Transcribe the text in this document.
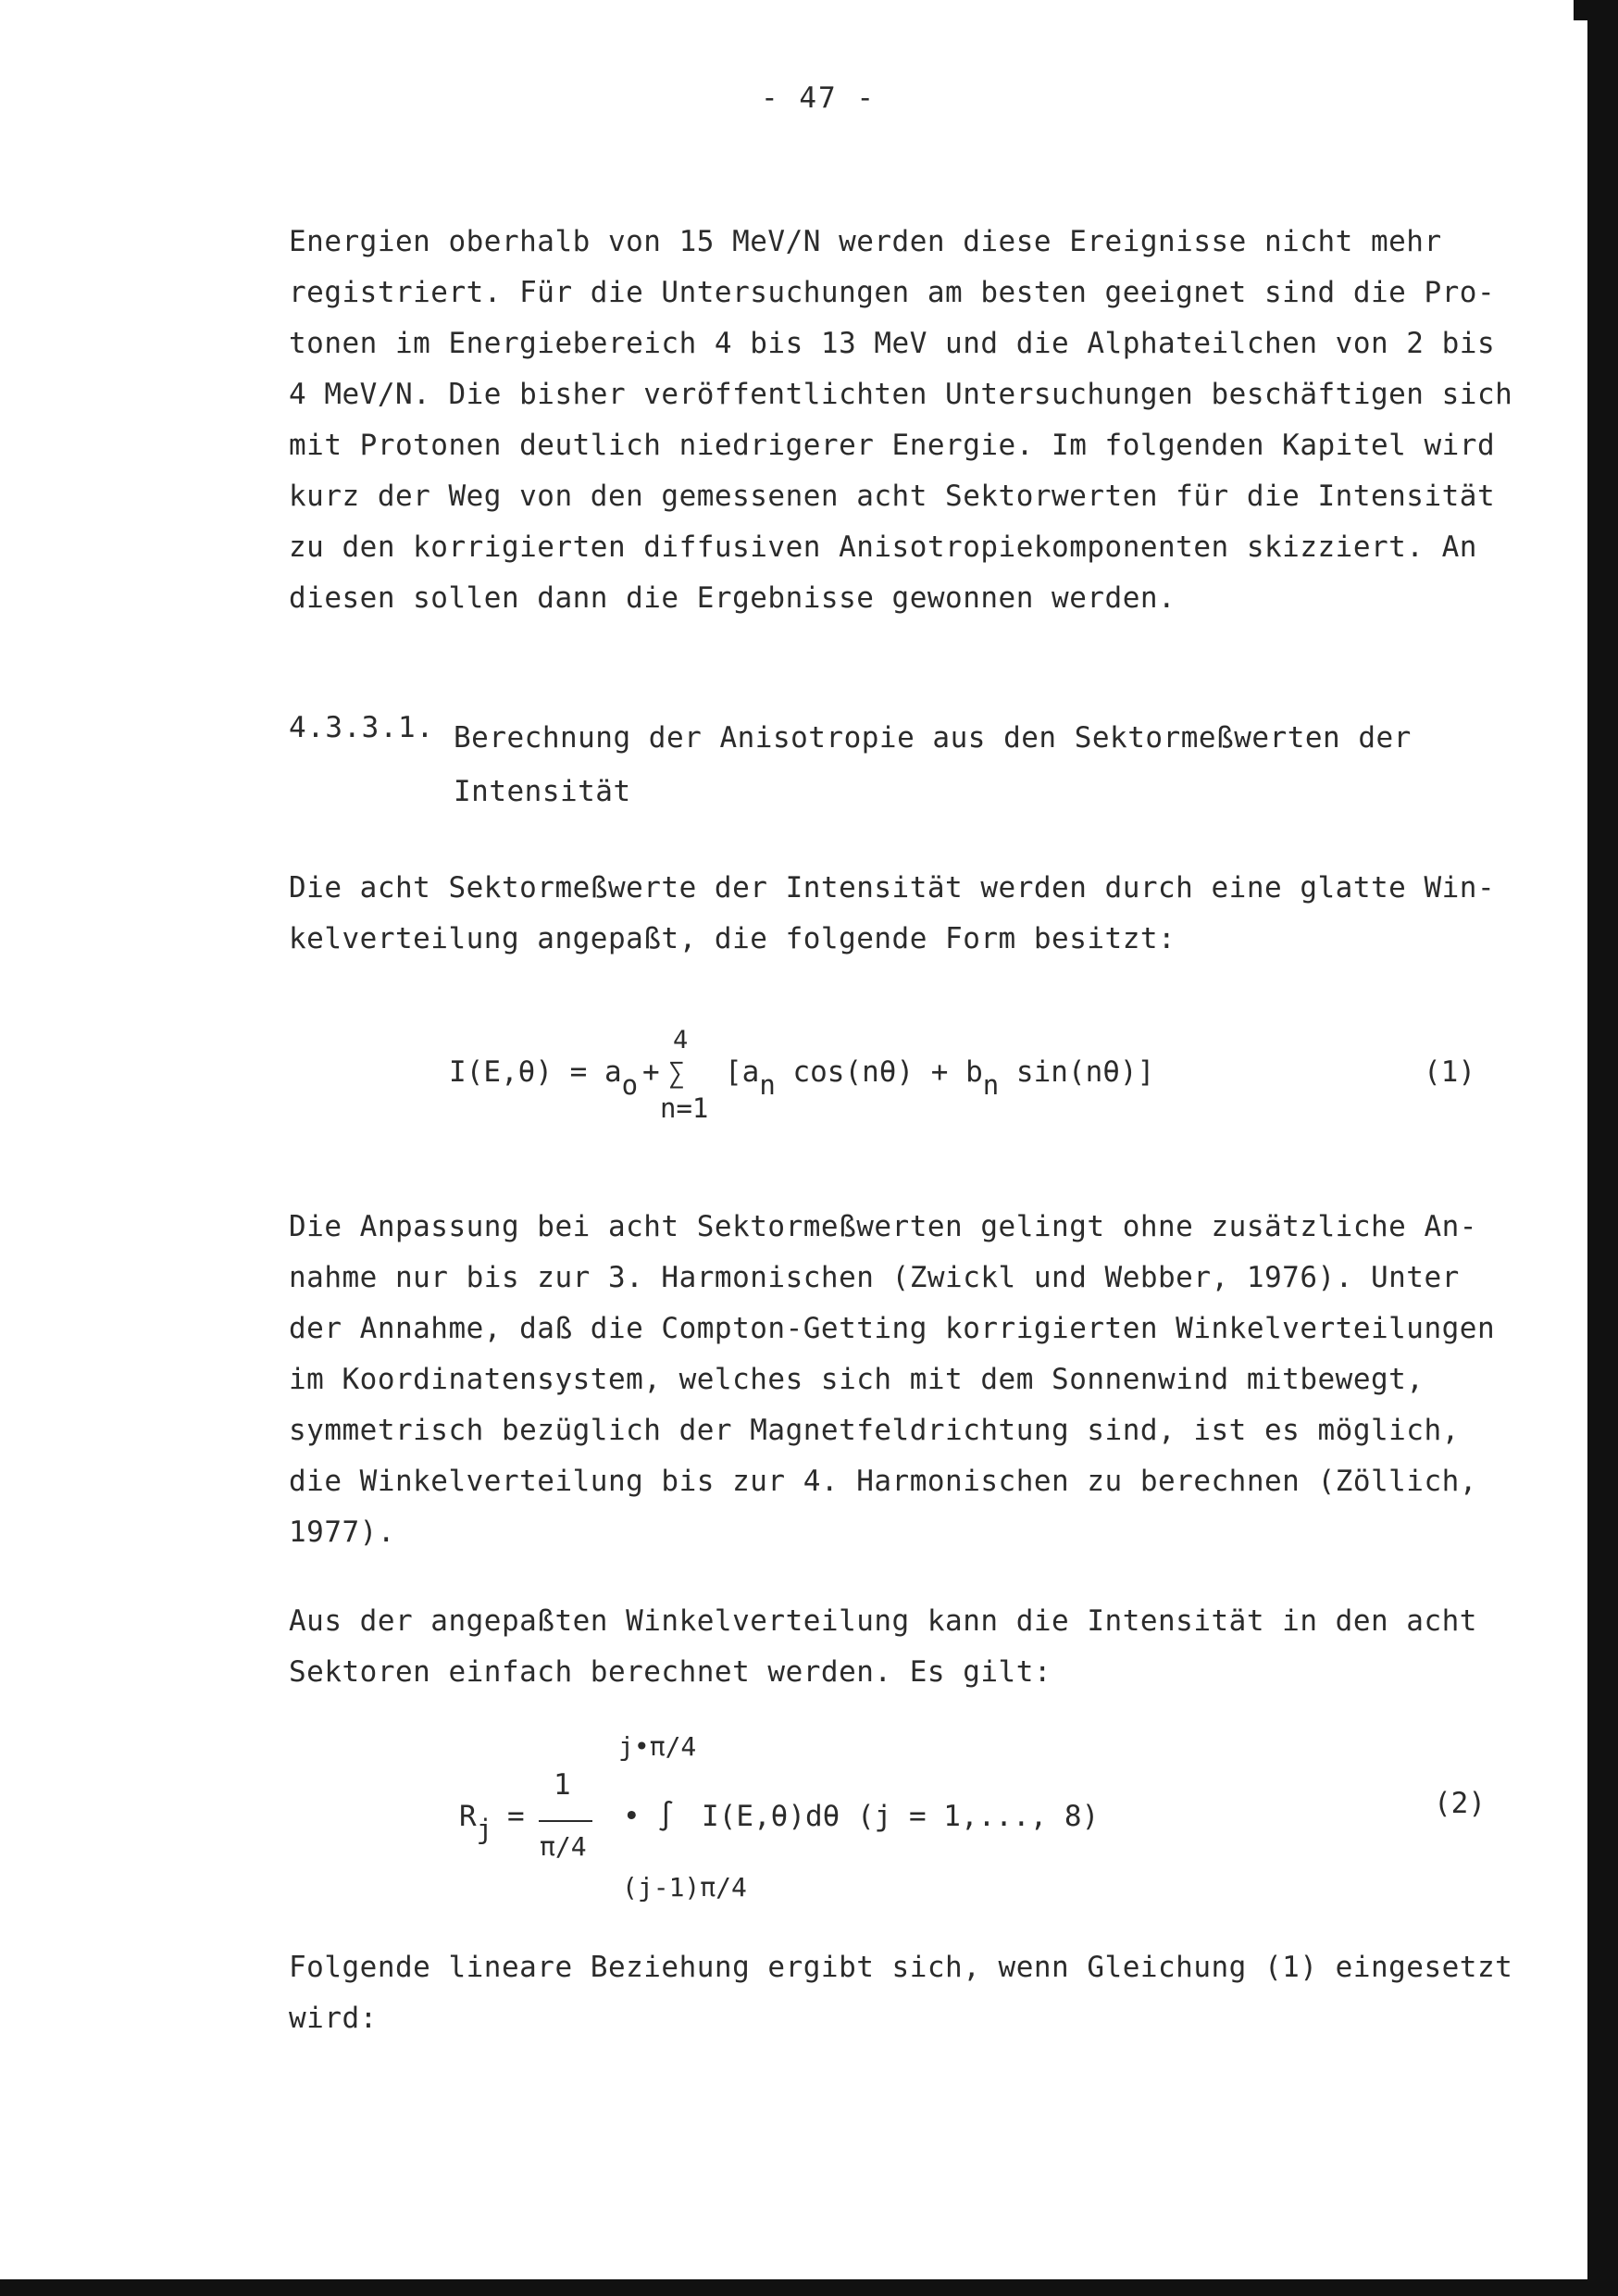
- 47 -
Energien oberhalb von 15 MeV/N werden diese Ereignisse nicht mehr
registriert. Für die Untersuchungen am besten geeignet sind die Pro-
tonen im Energiebereich 4 bis 13 MeV und die Alphateilchen von 2 bis
4 MeV/N. Die bisher veröffentlichten Untersuchungen beschäftigen sich
mit Protonen deutlich niedrigerer Energie. Im folgenden Kapitel wird
kurz der Weg von den gemessenen acht Sektorwerten für die Intensität
zu den korrigierten diffusiven Anisotropiekomponenten skizziert. An
diesen sollen dann die Ergebnisse gewonnen werden.
4.3.3.1. Berechnung der Anisotropie aus den Sektormeßwerten der
Intensität
Die acht Sektormeßwerte der Intensität werden durch eine glatte Win-
kelverteilung angepaßt, die folgende Form besitzt:
I(E,θ) = ao +
4
∑
n=1
[an cos(nθ) + bn sin(nθ)]	(1)
Die Anpassung bei acht Sektormeßwerten gelingt ohne zusätzliche An-
nahme nur bis zur 3. Harmonischen (Zwickl und Webber, 1976). Unter
der Annahme, daß die Compton-Getting korrigierten Winkelverteilungen
im Koordinatensystem, welches sich mit dem Sonnenwind mitbewegt,
symmetrisch bezüglich der Magnetfeldrichtung sind, ist es möglich,
die Winkelverteilung bis zur 4. Harmonischen zu berechnen (Zöllich,
1977).
Aus der angepaßten Winkelverteilung kann die Intensität in den acht
Sektoren einfach berechnet werden. Es gilt:
Rj =
1
π/4
•
j•π/4
∫
(j-1)π/4
I(E,θ)dθ (j = 1,..., 8)	(2)
Folgende lineare Beziehung ergibt sich, wenn Gleichung (1) eingesetzt
wird:
